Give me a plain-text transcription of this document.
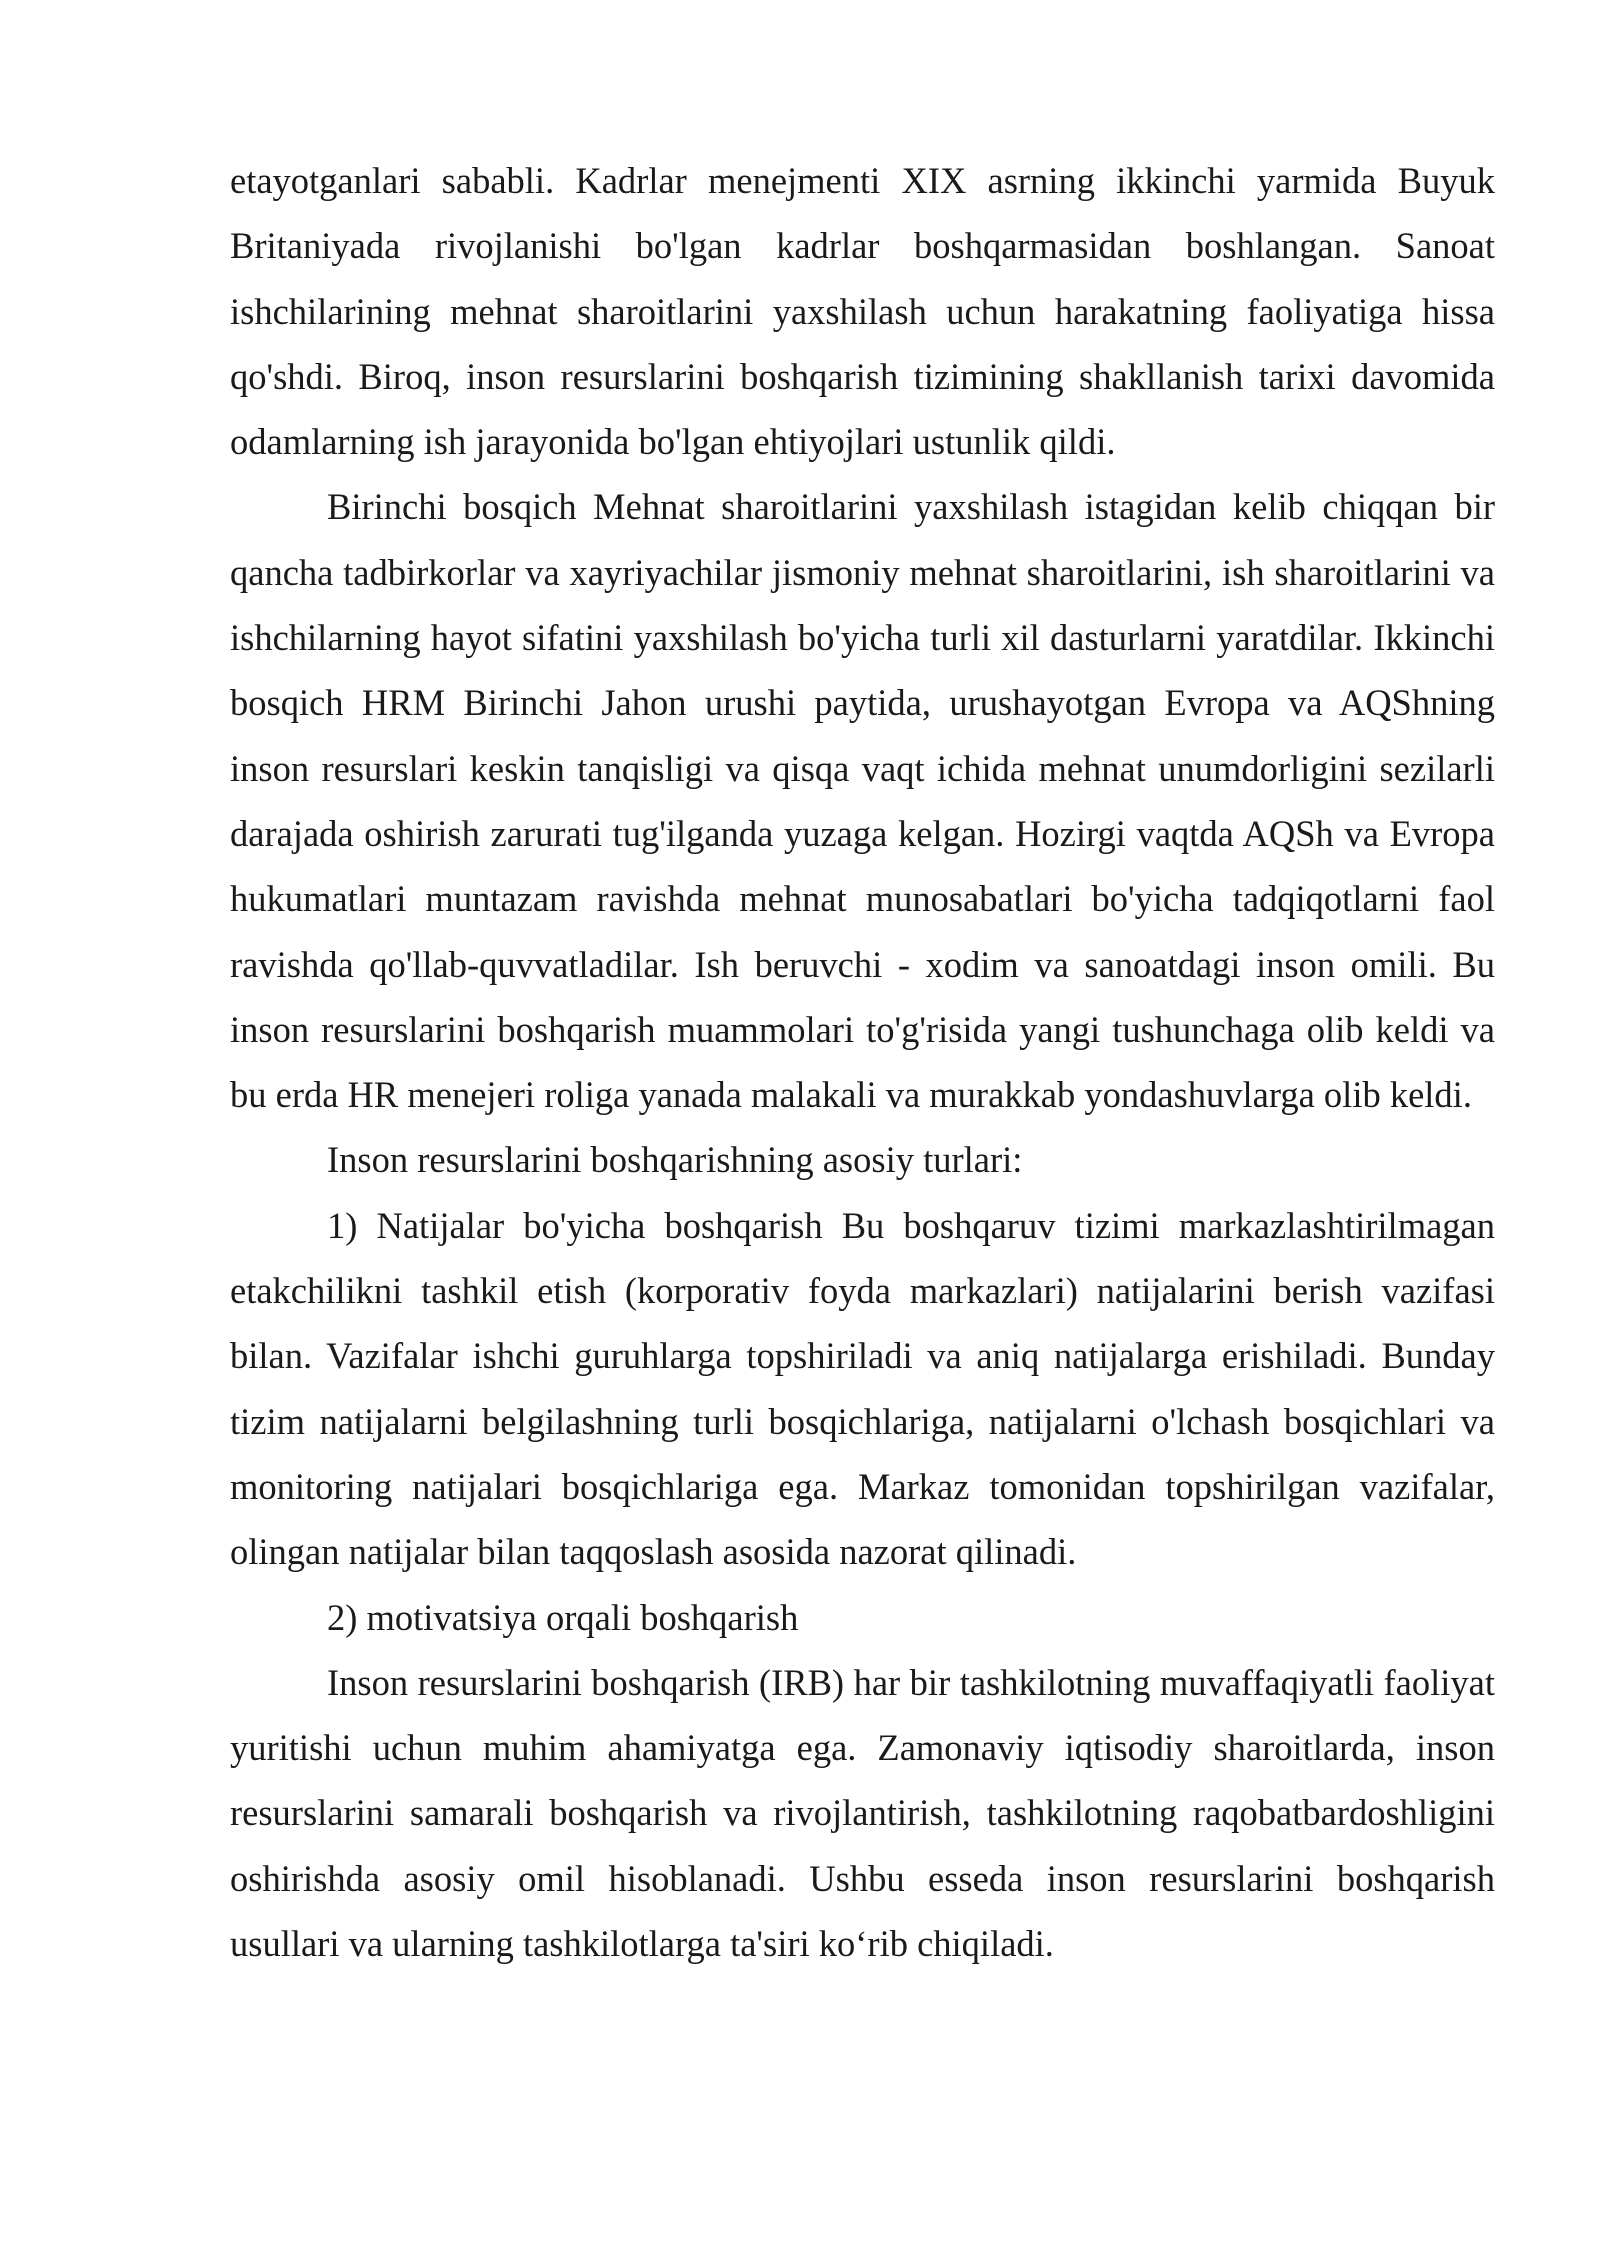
etayotganlari sababli. Kadrlar menejmenti XIX asrning ikkinchi yarmida Buyuk Britaniyada rivojlanishi bo'lgan kadrlar boshqarmasidan boshlangan. Sanoat ishchilarining mehnat sharoitlarini yaxshilash uchun harakatning faoliyatiga hissa qo'shdi. Biroq, inson resurslarini boshqarish tizimining shakllanish tarixi davomida odamlarning ish jarayonida bo'lgan ehtiyojlari ustunlik qildi.

Birinchi bosqich Mehnat sharoitlarini yaxshilash istagidan kelib chiqqan bir qancha tadbirkorlar va xayriyachilar jismoniy mehnat sharoitlarini, ish sharoitlarini va ishchilarning hayot sifatini yaxshilash bo'yicha turli xil dasturlarni yaratdilar. Ikkinchi bosqich HRM Birinchi Jahon urushi paytida, urushayotgan Evropa va AQShning inson resurslari keskin tanqisligi va qisqa vaqt ichida mehnat unumdorligini sezilarli darajada oshirish zarurati tug'ilganda yuzaga kelgan. Hozirgi vaqtda AQSh va Evropa hukumatlari muntazam ravishda mehnat munosabatlari bo'yicha tadqiqotlarni faol ravishda qo'llab-quvvatladilar. Ish beruvchi - xodim va sanoatdagi inson omili. Bu inson resurslarini boshqarish muammolari to'g'risida yangi tushunchaga olib keldi va bu erda HR menejeri roliga yanada malakali va murakkab yondashuvlarga olib keldi.

Inson resurslarini boshqarishning asosiy turlari:

1) Natijalar bo'yicha boshqarish Bu boshqaruv tizimi markazlashtirilmagan etakchilikni tashkil etish (korporativ foyda markazlari) natijalarini berish vazifasi bilan. Vazifalar ishchi guruhlarga topshiriladi va aniq natijalarga erishiladi. Bunday tizim natijalarni belgilashning turli bosqichlariga, natijalarni o'lchash bosqichlari va monitoring natijalari bosqichlariga ega. Markaz tomonidan topshirilgan vazifalar, olingan natijalar bilan taqqoslash asosida nazorat qilinadi.

2) motivatsiya orqali boshqarish

Inson resurslarini boshqarish (IRB) har bir tashkilotning muvaffaqiyatli faoliyat yuritishi uchun muhim ahamiyatga ega. Zamonaviy iqtisodiy sharoitlarda, inson resurslarini samarali boshqarish va rivojlantirish, tashkilotning raqobatbardoshligini oshirishda asosiy omil hisoblanadi. Ushbu esseda inson resurslarini boshqarish usullari va ularning tashkilotlarga ta'siri ko‘rib chiqiladi.
